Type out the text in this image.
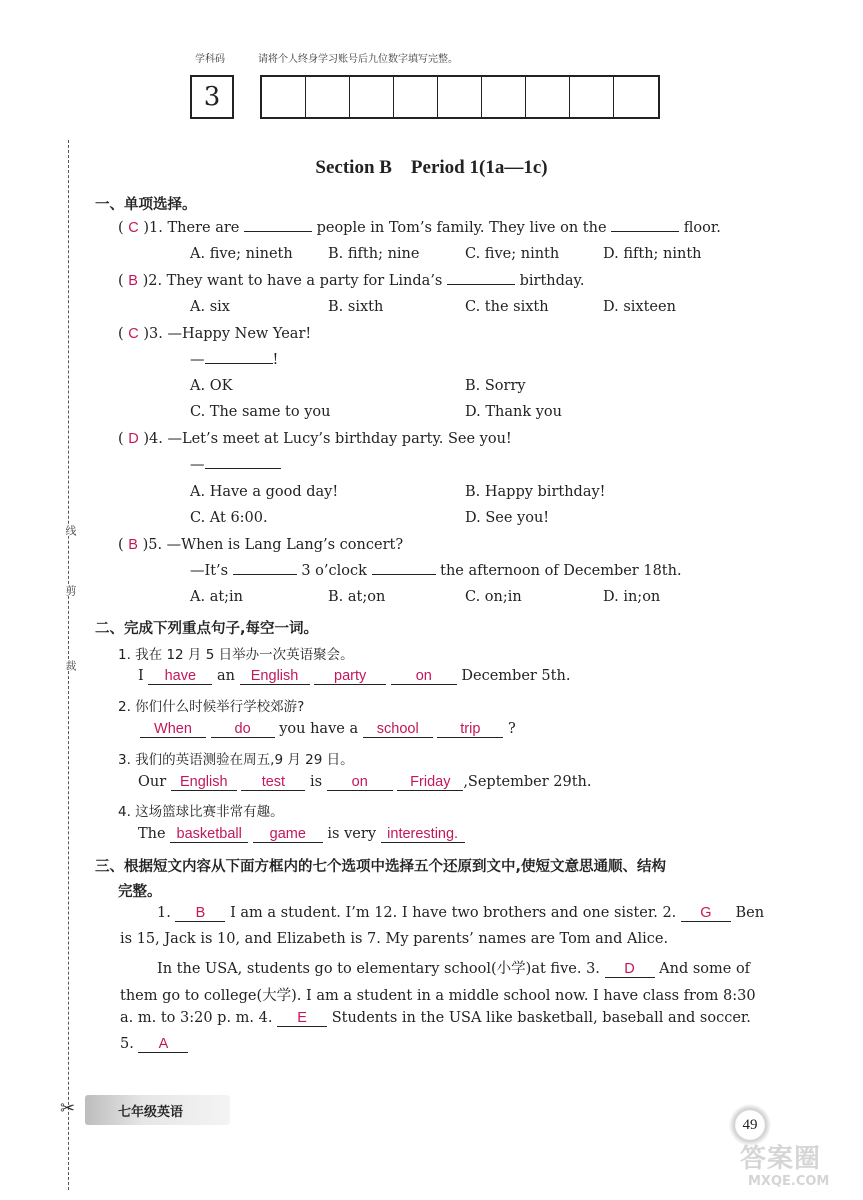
学科码	请将个人终身学习账号后九位数字填写完整。
3
线
剪
裁
✂
Section B　Period 1(1a—1c)
一、单项选择。
( C )1. There are	people in Tom’s family. They live on the	floor.
A. five; nineth B. fifth; nine	C. five; ninth	D. fifth; ninth
( B )2. They want to have a party for Linda’s	birthday.
A. six	B. sixth	C. the sixth	D. sixteen
( C )3. —Happy New Year!
—	!
A. OK	B. Sorry
C. The same to you	D. Thank you
( D )4. —Let’s meet at Lucy’s birthday party. See you!
—
A. Have a good day!	B. Happy birthday!
C. At 6:00.	D. See you!
( B )5. —When is Lang Lang’s concert?
—It’s	3 o’clock	the afternoon of December 18th.
A. at;in	B. at;on	C. on;in	D. in;on
二、完成下列重点句子,每空一词。
1. 我在 12 月 5 日举办一次英语聚会。
I have an English party	on December 5th.
2. 你们什么时候举行学校郊游?
When	do you have a school	trip ?
3. 我们的英语测验在周五,9 月 29 日。
Our English test is on	Friday ,September 29th.
4. 这场篮球比赛非常有趣。
The basketball game is very interesting.
三、根据短文内容从下面方框内的七个选项中选择五个还原到文中,使短文意思通顺、结构
完整。
1. B I am a student. I’m 12. I have two brothers and one sister. 2. G Ben
is 15, Jack is 10, and Elizabeth is 7. My parents’ names are Tom and Alice.
In the USA, students go to elementary school(小学)at five. 3. D And some of
them go to college(大学). I am a student in a middle school now. I have class from 8:30
a. m. to 3:20 p. m. 4. E Students in the USA like basketball, baseball and soccer.
5. A
七年级英语
49
答案圈
MXQE.COM
